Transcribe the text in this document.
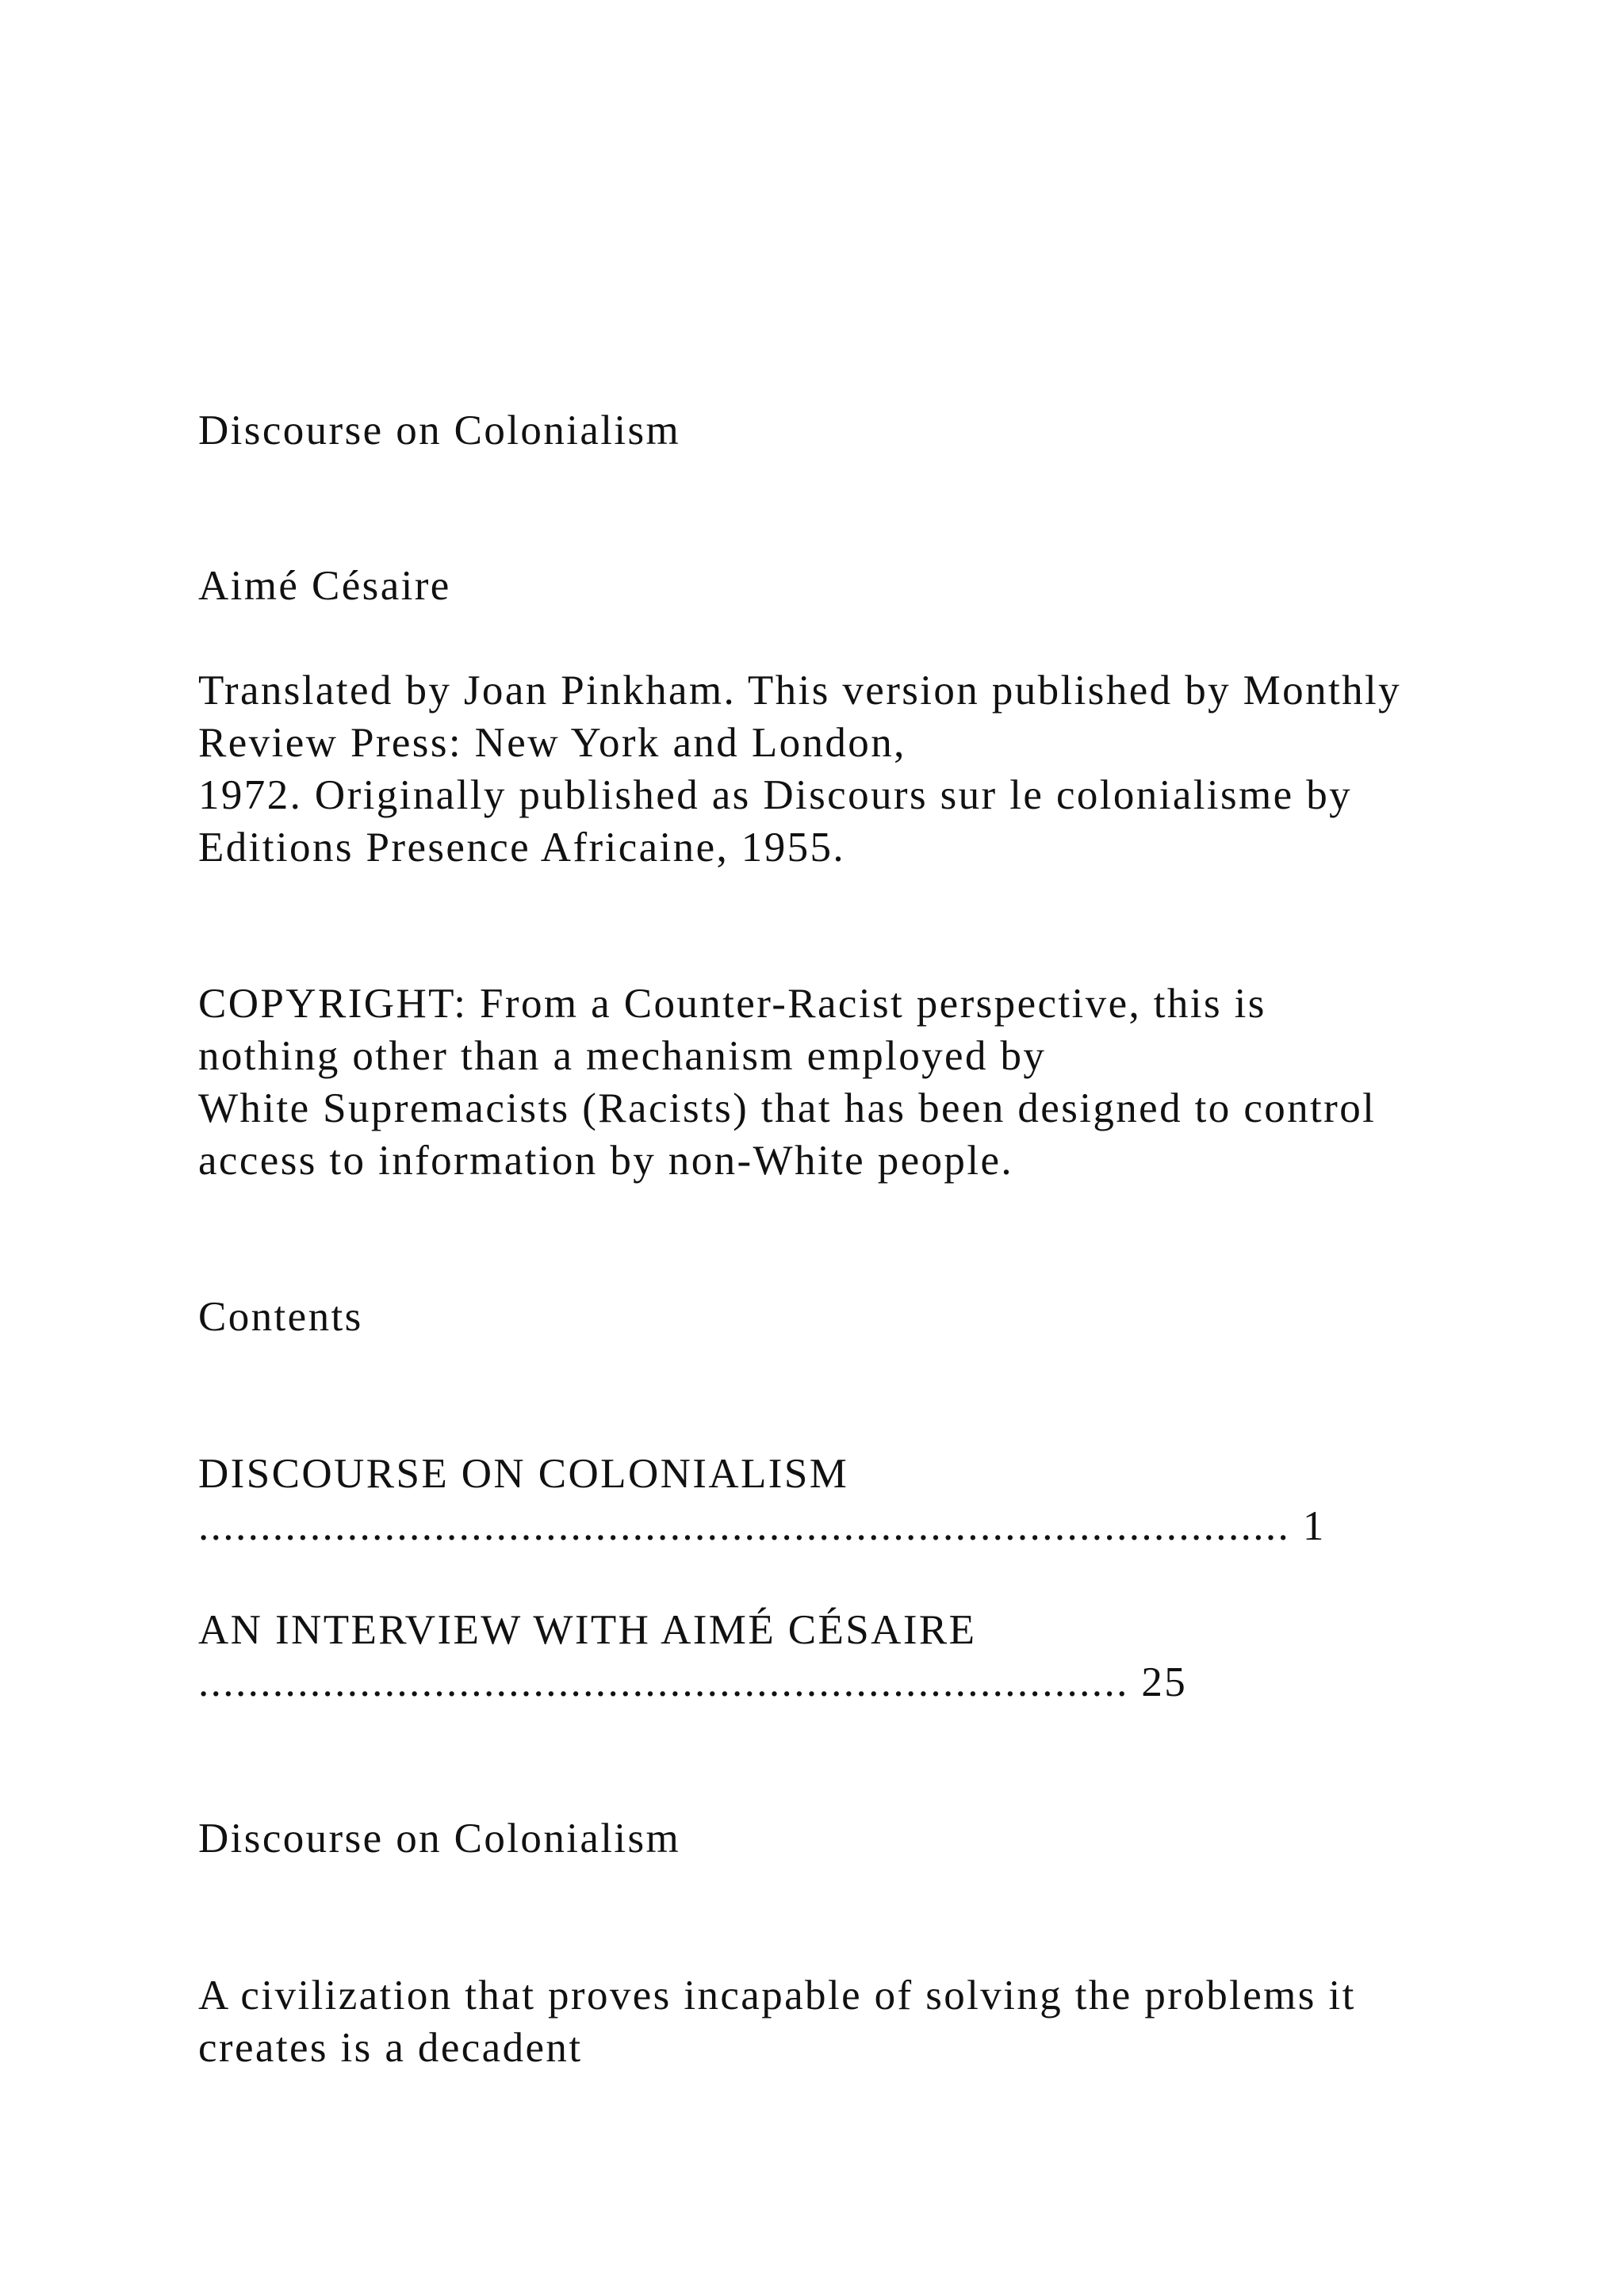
Discourse on Colonialism

Aimé Césaire

Translated by Joan Pinkham. This version published by Monthly

Review Press: New York and London,

1972. Originally published as Discours sur le colonialisme by

Editions Presence Africaine, 1955.

COPYRIGHT: From a Counter-Racist perspective, this is

nothing other than a mechanism employed by

White Supremacists (Racists) that has been designed to control

access to information by non-White people.

Contents

DISCOURSE ON COLONIALISM

........................................................................................ 1

AN INTERVIEW WITH AIMÉ CÉSAIRE

........................................................................... 25

Discourse on Colonialism

A civilization that proves incapable of solving the problems it

creates is a decadent
